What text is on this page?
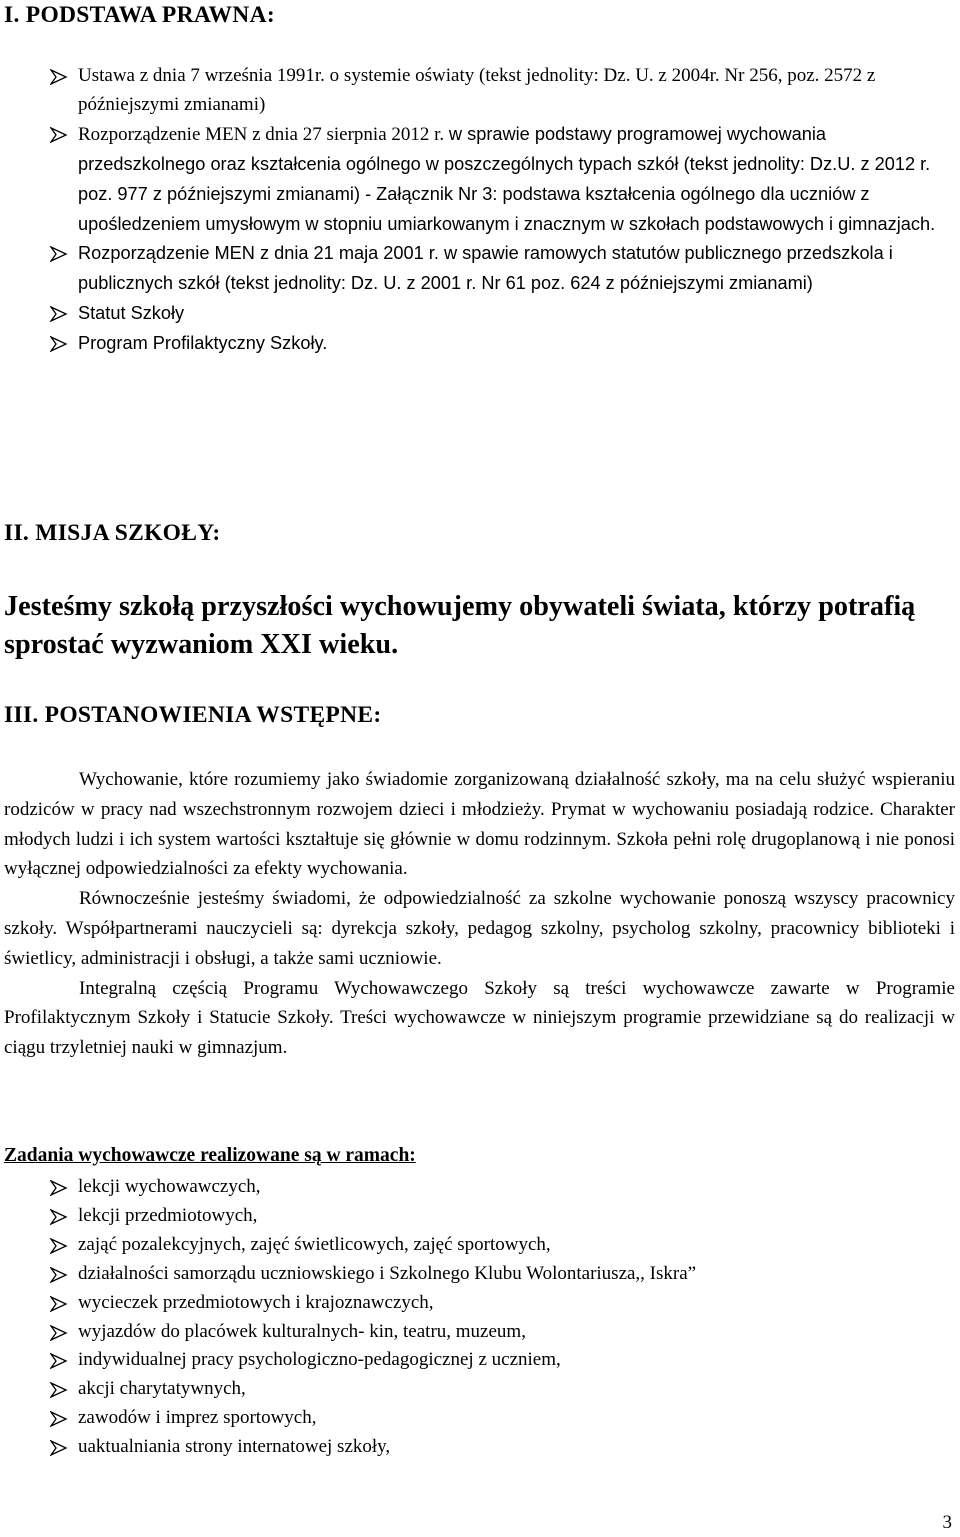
I. PODSTAWA PRAWNA:
Ustawa z dnia 7 września 1991r. o systemie oświaty (tekst jednolity: Dz. U. z 2004r. Nr 256, poz. 2572 z późniejszymi zmianami)
Rozporządzenie MEN z dnia 27 sierpnia 2012 r. w sprawie podstawy programowej wychowania przedszkolnego oraz kształcenia ogólnego w poszczególnych typach szkół (tekst jednolity: Dz.U. z 2012 r. poz. 977 z późniejszymi zmianami) - Załącznik Nr 3: podstawa kształcenia ogólnego dla uczniów z upośledzeniem umysłowym w stopniu umiarkowanym i znacznym w szkołach podstawowych i gimnazjach.
Rozporządzenie MEN z dnia 21 maja 2001 r. w spawie ramowych statutów publicznego przedszkola i publicznych szkół (tekst jednolity: Dz. U. z 2001 r. Nr 61 poz. 624 z późniejszymi zmianami)
Statut Szkoły
Program Profilaktyczny Szkoły.
II. MISJA SZKOŁY:
Jesteśmy szkołą przyszłości wychowujemy obywateli świata, którzy potrafią sprostać wyzwaniom XXI wieku.
III. POSTANOWIENIA WSTĘPNE:

Wychowanie, które rozumiemy jako świadomie zorganizowaną działalność szkoły, ma na celu służyć wspieraniu rodziców w pracy nad wszechstronnym rozwojem dzieci i młodzieży. Prymat w wychowaniu posiadają rodzice. Charakter młodych ludzi i ich system wartości kształtuje się głównie w domu rodzinnym. Szkoła pełni rolę drugoplanową i nie ponosi wyłącznej odpowiedzialności za efekty wychowania.

Równocześnie jesteśmy świadomi, że odpowiedzialność za szkolne wychowanie ponoszą wszyscy pracownicy szkoły. Współpartnerami nauczycieli są: dyrekcja szkoły, pedagog szkolny, psycholog szkolny, pracownicy biblioteki i świetlicy, administracji i obsługi, a także sami uczniowie.

Integralną częścią Programu Wychowawczego Szkoły są treści wychowawcze zawarte w Programie Profilaktycznym Szkoły i Statucie Szkoły. Treści wychowawcze w niniejszym programie przewidziane są do realizacji w ciągu trzyletniej nauki w gimnazjum.

Zadania wychowawcze realizowane są w ramach:
lekcji wychowawczych,
lekcji przedmiotowych,
zająć pozalekcyjnych, zajęć świetlicowych, zajęć sportowych,
działalności samorządu uczniowskiego i Szkolnego Klubu Wolontariusza,, Iskra”
wycieczek przedmiotowych i krajoznawczych,
wyjazdów do placówek kulturalnych- kin, teatru, muzeum,
indywidualnej pracy psychologiczno-pedagogicznej z uczniem,
akcji charytatywnych,
zawodów i imprez sportowych,
uaktualniania strony internatowej szkoły,
3
